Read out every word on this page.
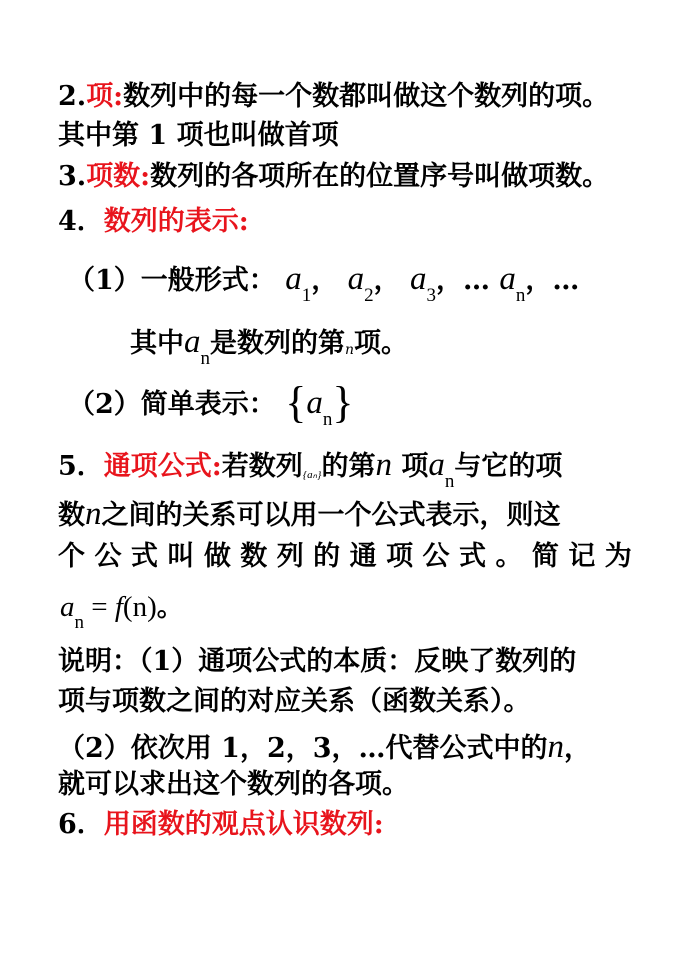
2.项:数列中的每一个数都叫做这个数列的项。
其中第 1 项也叫做首项
3.项数:数列的各项所在的位置序号叫做项数。
4．数列的表示:
（1）一般形式： $a_{_1}$， $a_{_2}$， $a_{_3}$，… $a_{_n}$，…
其中$a_{_n}$是数列的第n项。
（2）简单表示： $\{a_{_n}\}$
5．通项公式:若数列{aₙ}的第n 项$a_{_n}$与它的项
数n之间的关系可以用一个公式表示，则这
个 公 式 叫 做 数 列 的 通 项 公 式 。 简 记 为
$a_{_n} = f(n)$。
说明：（1）通项公式的本质：反映了数列的
项与项数之间的对应关系（函数关系）。
（2）依次用 1，2，3，…代替公式中的n，
就可以求出这个数列的各项。
6．用函数的观点认识数列:
